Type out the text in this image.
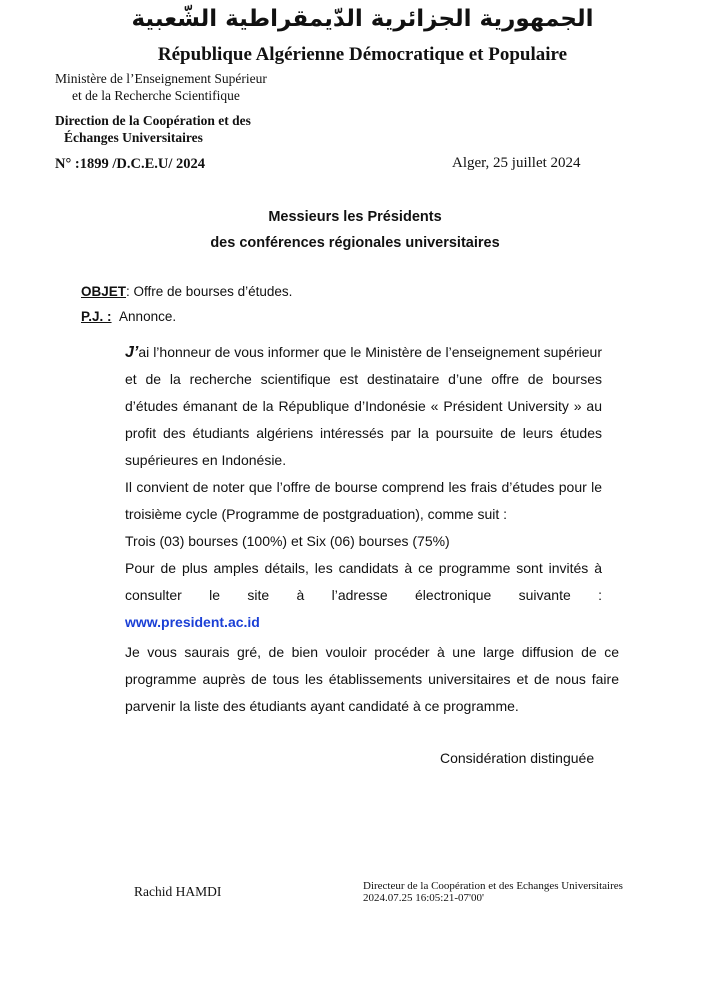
الجمهورية الجزائرية الدّيمقراطية الشّعبية
République Algérienne Démocratique et Populaire
Ministère de l’Enseignement Supérieur
et de la Recherche Scientifique
Direction de la Coopération et des
Échanges Universitaires
N° :1899 /D.C.E.U/ 2024	Alger, 25 juillet 2024
Messieurs les Présidents
des conférences régionales universitaires
OBJET: Offre de bourses d’études.
P.J. : Annonce.

J’ai l’honneur de vous informer que le Ministère de l’enseignement supérieur et de la recherche scientifique est destinataire d’une offre de bourses d’études émanant de la République d’Indonésie « Président University » au profit des étudiants algériens intéressés par la poursuite de leurs études supérieures en Indonésie.

Il convient de noter que l’offre de bourse comprend les frais d’études pour le troisième cycle (Programme de postgraduation), comme suit :

Trois (03) bourses (100%) et Six (06) bourses (75%)

Pour de plus amples détails, les candidats à ce programme sont invités à

consulter le site à l’adresse électronique suivante :

www.president.ac.id

Je vous saurais gré, de bien vouloir procéder à une large diffusion de ce programme auprès de tous les établissements universitaires et de nous faire parvenir la liste des étudiants ayant candidaté à ce programme.

Considération distinguée
Rachid HAMDI	Directeur de la Coopération et des Echanges Universitaires
2024.07.25 16:05:21-07'00'
